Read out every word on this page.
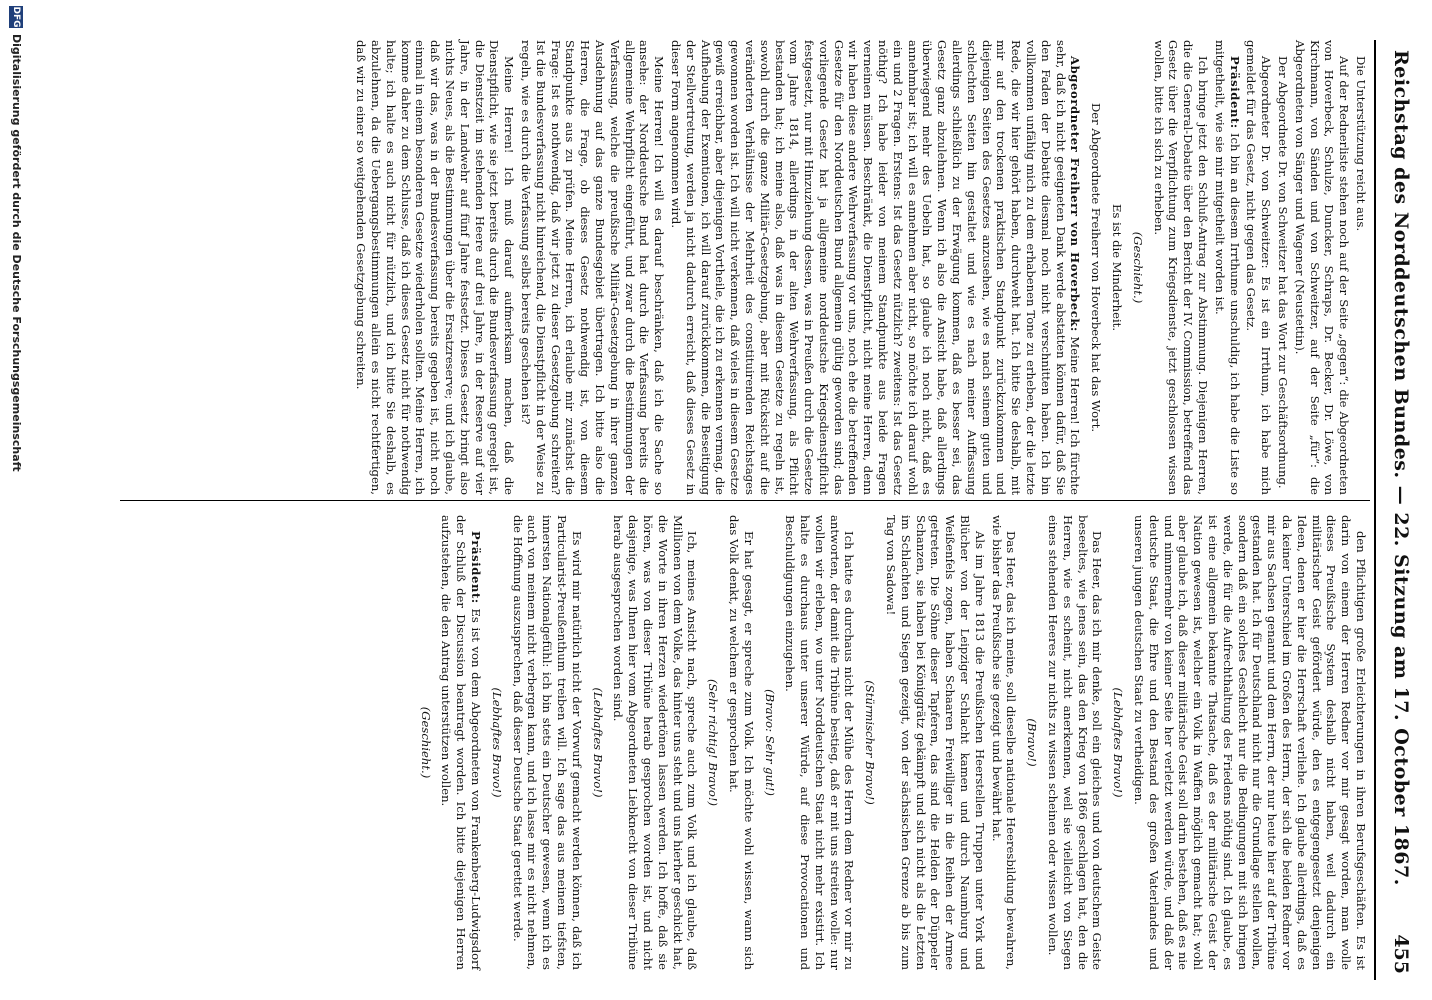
Reichstag des Norddeutschen Bundes. — 22. Sitzung am 17. October 1867.
455

Die Unterstützung reicht aus.

Auf der Rednerliste stehen noch auf der Seite „gegen“: die Abgeordneten von Hoverbeck, Schulze, Duncker, Schraps, Dr. Becker, Dr. Löwe, von Kirchmann, von Sänden und von Schweitzer, auf der Seite „für“: die Abgeordneten von Sänger und Wagener (Neustettin).

Der Abgeordnete Dr. von Schweitzer hat das Wort zur Geschäftsordnung.

Abgeordneter Dr. von Schweitzer: Es ist ein Irrthum, ich habe mich gemeldet für das Gesetz, nicht gegen das Gesetz.

Präsident: Ich bin an diesem Irrthume unschuldig, ich habe die Liste so mitgetheilt, wie sie mir mitgetheilt worden ist.

Ich bringe jetzt den Schluß-Antrag zur Abstimmung. Diejenigen Herren, die die General-Debatte über den Bericht der IV. Commission, betreffend das Gesetz über die Verpflichtung zum Kriegsdienste, jetzt geschlossen wissen wollen, bitte ich sich zu erheben.

(Geschieht.)

Es ist die Minderheit.

Der Abgeordnete Freiherr von Hoverbeck hat das Wort.

Abgeordneter Freiherr von Hoverbeck: Meine Herren! Ich fürchte sehr, daß ich nicht geeigneten Dank werde abstatten können dafür, daß Sie den Faden der Debatte diesmal noch nicht verschnitten haben. Ich bin vollkommen unfähig mich zu dem erhabenen Tone zu erheben, der die letzte Rede, die wir hier gehört haben, durchweht hat. Ich bitte Sie deshalb, mit mir auf den trockenen praktischen Standpunkt zurückzukommen und diejenigen Seiten des Gesetzes anzusehen, wie es nach seinem guten und schlechten Seiten hin gestaltet und wie es nach meiner Auffassung allerdings schließlich zu der Erwägung kommen, daß es besser sei, das Gesetz ganz abzulehnen. Wenn ich also die Ansicht habe, daß allerdings überwiegend mehr des Uebeln hat, so glaube ich noch nicht, daß es annehmbar ist; ich will es annehmen aber nicht, so möchte ich darauf wohl ein und 2 Fragen. Erstens: Ist das Gesetz nützlich? zweitens: Ist das Gesetz nöthig? Ich habe leider von meinem Standpunkte aus beide Fragen verneinen müssen. Beschränkt, die Dienstpflicht, nicht meine Herren, denn wir haben diese andere Wehrverfassung vor uns, noch ehe die betreffenden Gesetze für den Norddeutschen Bund allgemein gültig geworden sind; das vorliegende Gesetz hat ja allgemeine norddeutsche Kriegsdienstpflicht festgesetzt, nur mit Hinzuziehung dessen, was in Preußen durch die Gesetze vom Jahre 1814, allerdings in der alten Wehrverfassung, als Pflicht bestanden hat; ich meine also, daß was in diesem Gesetze zu regeln ist, sowohl durch die ganze Militär-Gesetzgebung, aber mit Rücksicht auf die veränderten Verhältnisse der Mehrheit des constituirenden Reichstages gewonnen worden ist. Ich will nicht verkennen, daß vieles in diesem Gesetze gewiß erreichbar, aber diejenigen Vortheile, die ich zu erkennen vermag, die Aufhebung der Exemtionen, ich will darauf zurückkommen, die Beseitigung der Stellvertretung, werden ja nicht dadurch erreicht, daß dieses Gesetz in dieser Form angenommen wird.

Meine Herren! Ich will es darauf beschränken, daß ich die Sache so ansehe: der Norddeutsche Bund hat durch die Verfassung bereits die allgemeine Wehrpflicht eingeführt, und zwar durch die Bestimmungen der Verfassung, welche die preußische Militär-Gesetzgebung in ihrer ganzen Ausdehnung auf das ganze Bundesgebiet übertragen. Ich bitte also die Herren, die Frage, ob dieses Gesetz nothwendig ist, von diesem Standpunkte aus zu prüfen. Meine Herren, ich erlaube mir zunächst die Frage: Ist es nothwendig, daß wir jetzt zu dieser Gesetzgebung schreiten? Ist die Bundesverfassung nicht hinreichend, die Dienstpflicht in der Weise zu regeln, wie es durch die Verfassung selbst bereits geschehen ist?

Meine Herren! Ich muß darauf aufmerksam machen, daß die Dienstpflicht, wie sie jetzt bereits durch die Bundesverfassung geregelt ist, die Dienstzeit im stehenden Heere auf drei Jahre, in der Reserve auf vier Jahre, in der Landwehr auf fünf Jahre festsetzt. Dieses Gesetz bringt also nichts Neues, als die Bestimmungen über die Ersatzreserve; und ich glaube, daß wir das, was in der Bundesverfassung bereits gegeben ist, nicht noch einmal in einem besonderen Gesetze wiederholen sollten. Meine Herren, ich komme daher zu dem Schlusse, daß ich dieses Gesetz nicht für nothwendig halte; ich halte es auch nicht für nützlich, und ich bitte Sie deshalb, es abzulehnen, da die Uebergangsbestimmungen allein es nicht rechtfertigen, daß wir zu einer so weitgehenden Gesetzgebung schreiten.

den Pflichtigen große Erleichterungen in ihren Berufsgeschäften. Es ist darin von einem der Herren Redner vor mir gesagt worden, man wolle dieses Preußische System deshalb nicht haben, weil dadurch ein militärischer Geist gefördert würde, den es entgegengesetzt denjenigen Ideen, denen er hier die Herrschaft verliehe. Ich glaube allerdings, daß es da keiner Unterschied im Großen des Herrn, der sich die beiden Redner vor mir aus Sachsen genannt und dem Herrn, der nur heute hier auf der Tribüne gestanden hat. Ich für Deutschland nicht nur die Grundlage stellen wollen, sondern daß ein solches Geschlecht nur die Bedingungen mit sich bringen werde, die für die Aufrechthaltung des Friedens nöthig sind. Ich glaube, es ist eine allgemein bekannte Thatsache, daß es der militärische Geist der Nation gewesen ist, welcher ein Volk in Waffen möglich gemacht hat; wohl aber glaube ich, daß dieser militärische Geist soll darin bestehen, daß es nie und nimmermehr von keiner Seite her verletzt werden würde, und daß der deutsche Staat, die Ehre und den Bestand des großen Vaterlandes und unseren jungen deutschen Staat zu vertheidigen.

(Lebhaftes Bravo!)

Das Heer, das ich mir denke, soll ein gleiches und von deutschem Geiste beseeltes, wie jenes sein, das den Krieg von 1866 geschlagen hat, den die Herren, wie es scheint, nicht anerkennen, weil sie vielleicht von Siegen eines stehenden Heeres zur nichts zu wissen scheinen oder wissen wollen.

(Bravo!)

Das Heer, das ich meine, soll dieselbe nationale Heeresbildung bewahren, wie bisher das Preußische sie gezeigt und bewährt hat.

Als im Jahre 1813 die Preußischen Heerstellen Truppen unter York und Blücher von der Leipziger Schlacht kamen und durch Naumburg und Weißenfels zogen, haben Schaaren Freiwilliger in die Reihen der Armee getreten. Die Söhne dieser Tapferen, das sind die Helden der Düppeler Schanzen, sie haben bei Königgrätz gekämpft und sich nicht als die Letzten im Schlachten und Siegen gezeigt, von der sächsischen Grenze ab bis zum Tag von Sadowa!

(Stürmischer Bravo!)

Ich hatte es durchaus nicht der Mühe des Herrn dem Redner vor mir zu antworten, der damit die Tribüne bestieg, daß er mit uns streiten wolle: nur wollen wir erleben, wo unter Norddeutschen Staat nicht mehr existirt. Ich halte es durchaus unter unserer Würde, auf diese Provocationen und Beschuldigungen einzugehen.

(Bravo: Sehr gut!)

Er hat gesagt, er spreche zum Volk. Ich möchte wohl wissen, wann sich das Volk denkt, zu welchem er gesprochen hat.

(Sehr richtig! Bravo!)

Ich, meines Ansicht nach, spreche auch zum Volk und ich glaube, daß Millionen von dem Volke, das hinter uns steht und uns hierher geschickt hat, die Worte in ihren Herzen wiedertönen lassen werden. Ich hoffe, daß sie hören, was von dieser Tribüne herab gesprochen worden ist, und nicht dasjenige, was Ihnen hier vom Abgeordneten Liebknecht von dieser Tribüne herab ausgesprochen worden sind.

(Lebhaftes Bravo!)

Es wird mir natürlich nicht der Vorwurf gemacht werden können, daß ich Particularist-Preußenthum treiben will. Ich sage das aus meinem tiefsten, innersten Nationalgefühl: ich bin stets ein Deutscher gewesen, wenn ich es auch von meinem nicht verbergen kann, und ich lasse mir es nicht nehmen, die Hoffnung auszusprechen, daß dieser Deutsche Staat gerettet werde.

(Lebhaftes Bravo!)

Präsident: Es ist von dem Abgeordneten von Frankenberg-Ludwigsdorf der Schluß der Discussion beantragt worden. Ich bitte diejenigen Herren aufzustehen, die den Antrag unterstützen wollen.

(Geschieht.)

DFG
Digitalisierung gefördert durch die Deutsche Forschungsgemeinschaft
